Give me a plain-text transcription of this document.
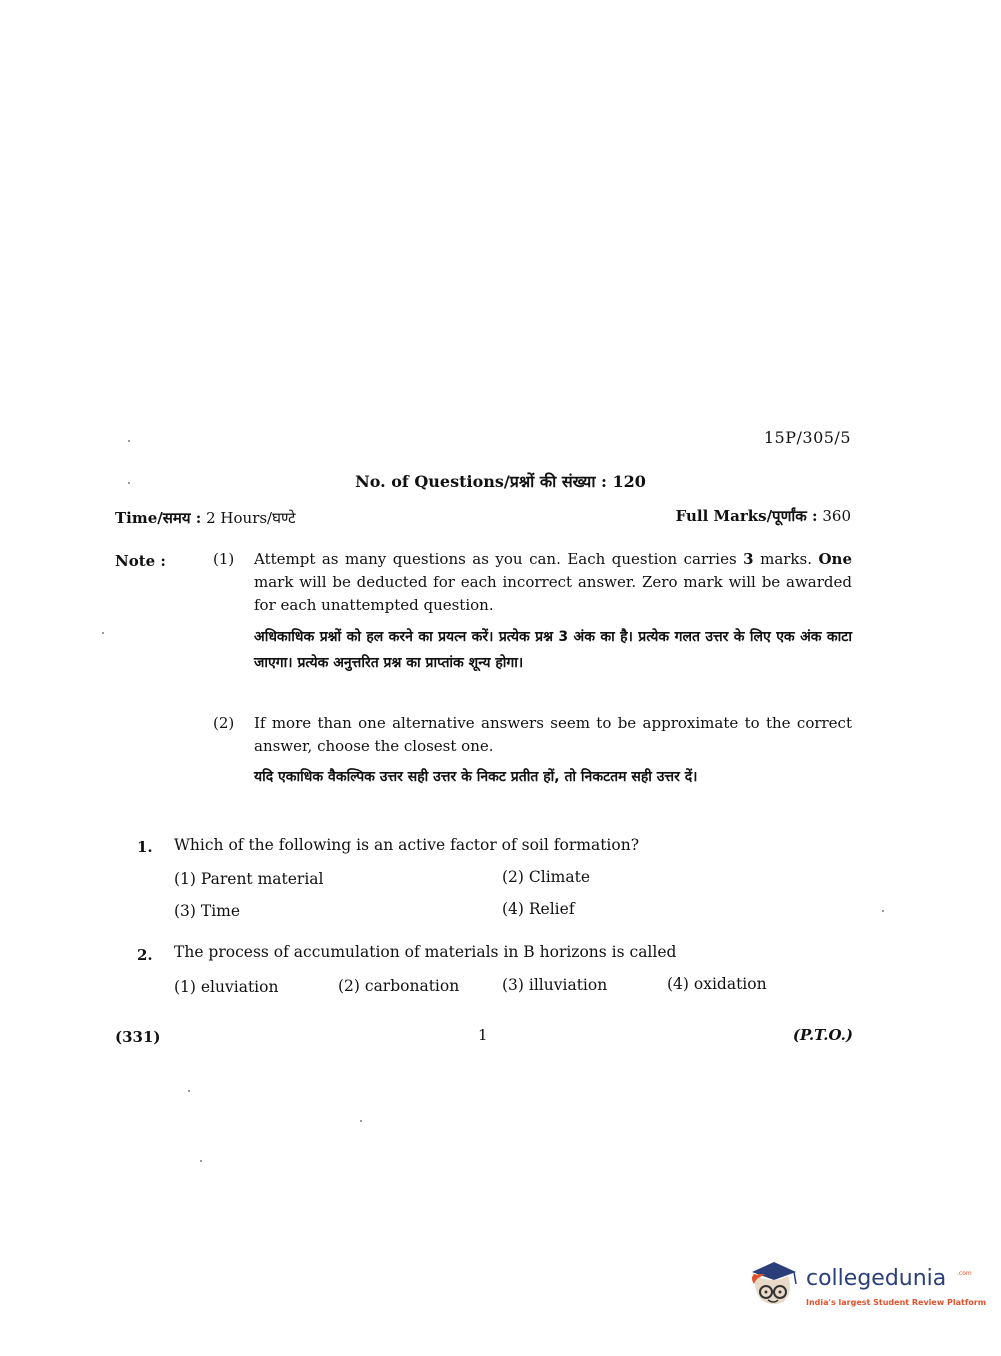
15P/305/5
No. of Questions/प्रश्नों की संख्या : 120
Time/समय : 2 Hours/घण्टे	Full Marks/पूर्णांक : 360
Note :	(1) Attempt as many questions as you can. Each question carries 3 marks. One mark will be deducted for each incorrect answer. Zero mark will be awarded for each unattempted question.
अधिकाधिक प्रश्नों को हल करने का प्रयत्न करें। प्रत्येक प्रश्न 3 अंक का है। प्रत्येक गलत उत्तर के लिए एक अंक काटा जाएगा। प्रत्येक अनुत्तरित प्रश्न का प्राप्तांक शून्य होगा।
(2) If more than one alternative answers seem to be approximate to the correct answer, choose the closest one.
यदि एकाधिक वैकल्पिक उत्तर सही उत्तर के निकट प्रतीत हों, तो निकटतम सही उत्तर दें।
1. Which of the following is an active factor of soil formation?
(1) Parent material	(2) Climate
(3) Time	(4) Relief
2. The process of accumulation of materials in B horizons is called
(1) eluviation	(2) carbonation	(3) illuviation	(4) oxidation
(331)	1	(P.T.O.)
collegedunia .com
India's largest Student Review Platform
